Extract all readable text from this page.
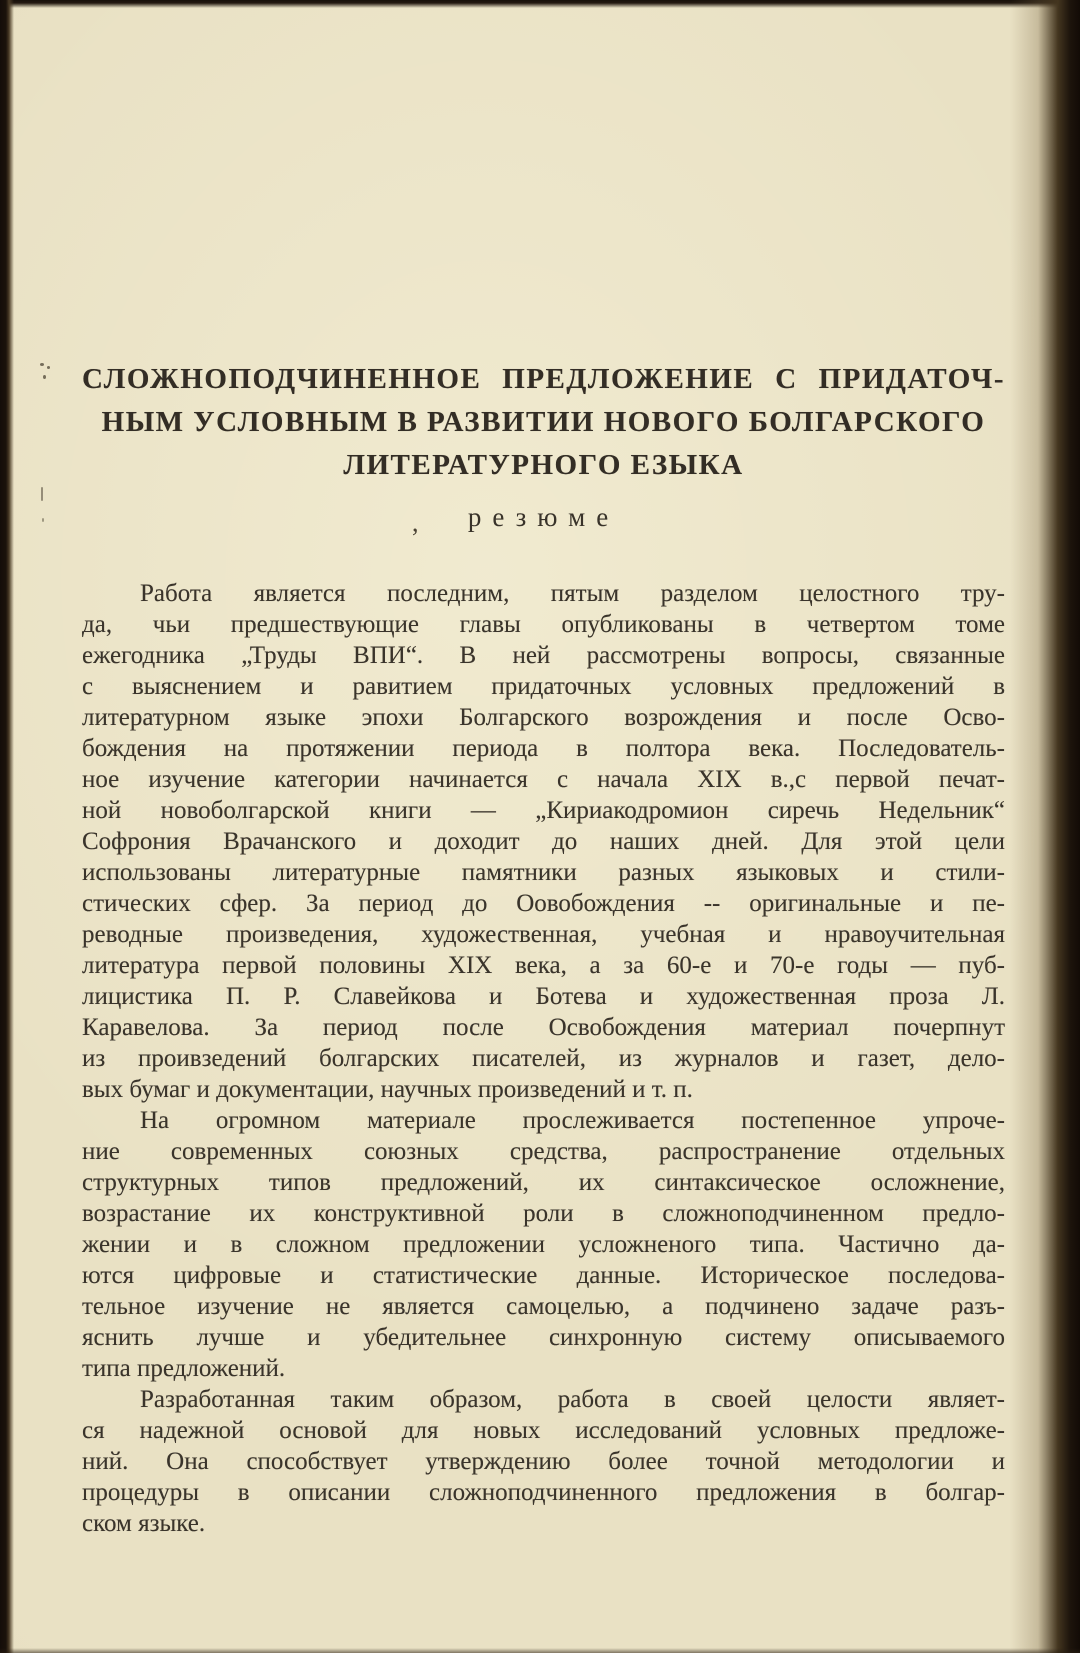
СЛОЖНОПОДЧИНЕННОЕ ПРЕДЛОЖЕНИЕ С ПРИДАТОЧ-
НЫМ УСЛОВНЫМ В РАЗВИТИИ НОВОГО БОЛГАРСКОГО
ЛИТЕРАТУРНОГО ЕЗЫКА
, резюме
Работа является последним, пятым разделом целостного тру-
да, чьи предшествующие главы опубликованы в четвертом томе
ежегодника „Труды ВПИ“. В ней рассмотрены вопросы, связанные
с выяснением и равитием придаточных условных предложений в
литературном языке эпохи Болгарского возрождения и после Осво-
бождения на протяжении периода в полтора века. Последователь-
ное изучение категории начинается с начала XIX в.,с первой печат-
ной новоболгарской книги — „Кириакодромион сиречь Недельник“
Софрония Врачанского и доходит до наших дней. Для этой цели
использованы литературные памятники разных языковых и стили-
стических сфер. За период до Оовобождения -- оригинальные и пе-
реводные произведения, художественная, учебная и нравоучительная
литература первой половины XIX века, а за 60-е и 70-е годы — пуб-
лицистика П. Р. Славейкова и Ботева и художественная проза Л.
Каравелова. За период после Освобождения материал почерпнут
из проивзедений болгарских писателей, из журналов и газет, дело-
вых бумаг и документации, научных произведений и т. п.
На огромном материале прослеживается постепенное упроче-
ние современных союзных средства, распространение отдельных
структурных типов предложений, их синтаксическое осложнение,
возрастание их конструктивной роли в сложноподчиненном предло-
жении и в сложном предложении усложненого типа. Частично да-
ются цифровые и статистические данные. Историческое последова-
тельное изучение не является самоцелью, а подчинено задаче разъ-
яснить лучше и убедительнее синхронную систему описываемого
типа предложений.
Разработанная таким образом, работа в своей целости являет-
ся надежной основой для новых исследований условных предложе-
ний. Она способствует утверждению более точной методологии и
процедуры в описании сложноподчиненного предложения в болгар-
ском языке.
